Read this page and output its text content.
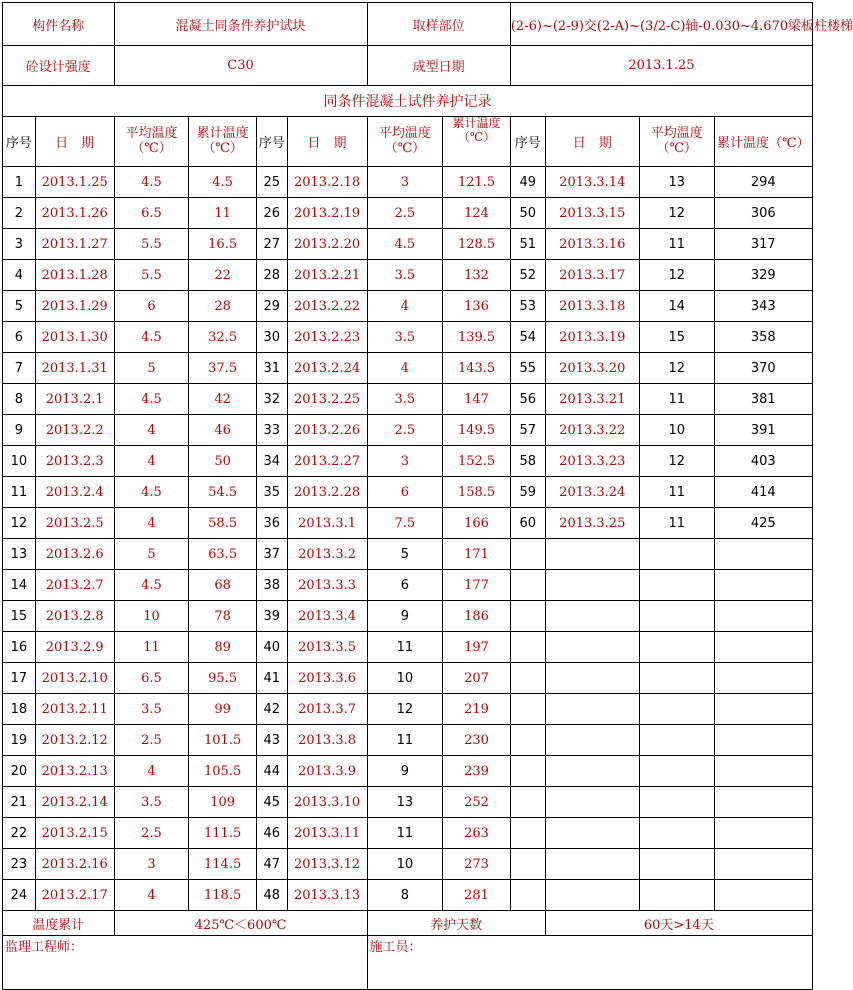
构件名称		混凝土同条件养护试块				取样部位		(2-6)~(2-9)交(2-A)~(3/2-C)轴-0.030~4.670梁板柱楼梯			
砼设计强度		C30				成型日期		2013.1.25			
同条件混凝土试件养护记录											
序号	日　期	平均温度（℃）	累计温度（℃）	序号	日　期	平均温度（℃）	累计温度（℃）	序号	日　期	平均温度（℃）	累计温度（℃）
1	2013.1.25	4.5	4.5	25	2013.2.18	3	121.5	49	2013.3.14	13	294
2	2013.1.26	6.5	11	26	2013.2.19	2.5	124	50	2013.3.15	12	306
3	2013.1.27	5.5	16.5	27	2013.2.20	4.5	128.5	51	2013.3.16	11	317
4	2013.1.28	5.5	22	28	2013.2.21	3.5	132	52	2013.3.17	12	329
5	2013.1.29	6	28	29	2013.2.22	4	136	53	2013.3.18	14	343
6	2013.1.30	4.5	32.5	30	2013.2.23	3.5	139.5	54	2013.3.19	15	358
7	2013.1.31	5	37.5	31	2013.2.24	4	143.5	55	2013.3.20	12	370
8	2013.2.1	4.5	42	32	2013.2.25	3.5	147	56	2013.3.21	11	381
9	2013.2.2	4	46	33	2013.2.26	2.5	149.5	57	2013.3.22	10	391
10	2013.2.3	4	50	34	2013.2.27	3	152.5	58	2013.3.23	12	403
11	2013.2.4	4.5	54.5	35	2013.2.28	6	158.5	59	2013.3.24	11	414
12	2013.2.5	4	58.5	36	2013.3.1	7.5	166	60	2013.3.25	11	425
13	2013.2.6	5	63.5	37	2013.3.2	5	171				
14	2013.2.7	4.5	68	38	2013.3.3	6	177				
15	2013.2.8	10	78	39	2013.3.4	9	186				
16	2013.2.9	11	89	40	2013.3.5	11	197				
17	2013.2.10	6.5	95.5	41	2013.3.6	10	207				
18	2013.2.11	3.5	99	42	2013.3.7	12	219				
19	2013.2.12	2.5	101.5	43	2013.3.8	11	230				
20	2013.2.13	4	105.5	44	2013.3.9	9	239				
21	2013.2.14	3.5	109	45	2013.3.10	13	252				
22	2013.2.15	2.5	111.5	46	2013.3.11	11	263				
23	2013.2.16	3	114.5	47	2013.3.12	10	273				
24	2013.2.17	4	118.5	48	2013.3.13	8	281				
温度累计		425℃＜600℃				养护天数			60天>14天		
监理工程师：						施工员：					
